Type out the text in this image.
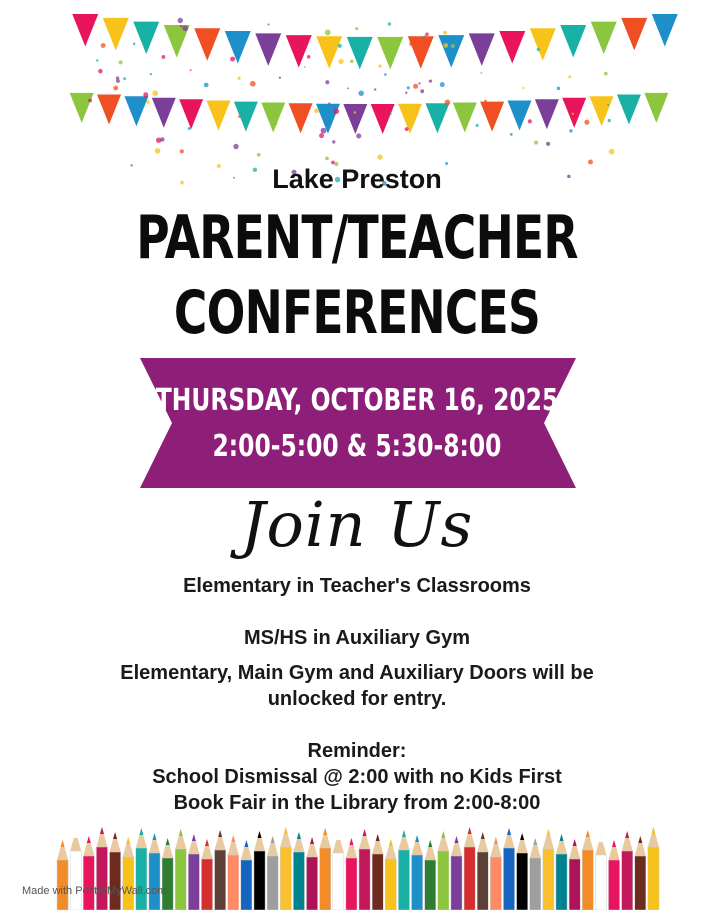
Lake Preston
PARENT/TEACHER
CONFERENCES
THURSDAY, OCTOBER 16, 2025
2:00-5:00 & 5:30-8:00
Join Us
Elementary in Teacher's Classrooms
MS/HS in Auxiliary Gym
Elementary, Main Gym and Auxiliary Doors will be
unlocked for entry.
Reminder:
School Dismissal @ 2:00 with no Kids First
Book Fair in the Library from 2:00-8:00
Made with PosterMyWall.com
